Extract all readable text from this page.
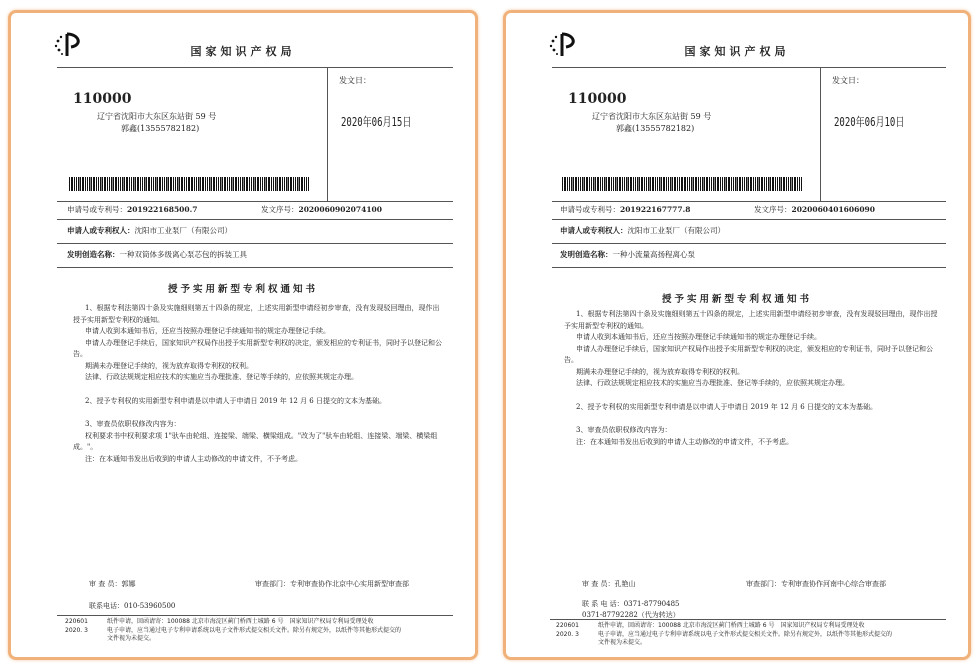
国家知识产权局
110000
辽宁省沈阳市大东区东站街 59 号
郭鑫(13555782182)
发文日：
2020年06月15日
申请号或专利号：201922168500.7	发文序号：2020060902074100
申请人或专利权人：沈阳市工业泵厂（有限公司）
发明创造名称：一种双筒体多级离心泵芯包的拆装工具
授予实用新型专利权通知书

1、根据专利法第四十条及实施细则第五十四条的规定，上述实用新型申请经初步审查，没有发现驳回理由，现作出授予实用新型专利权的通知。

申请人收到本通知书后，还应当按照办理登记手续通知书的规定办理登记手续。

申请人办理登记手续后，国家知识产权局作出授予实用新型专利权的决定，颁发相应的专利证书，同时予以登记和公告。

期满未办理登记手续的，视为放弃取得专利权的权利。

法律、行政法规规定相应技术的实施应当办理批准、登记等手续的，应依照其规定办理。

2、授予专利权的实用新型专利申请是以申请人于申请日 2019 年 12 月 6 日提交的文本为基础。

3、审查员依职权修改内容为：

权利要求书中权利要求项 1"驮车由轮组、连接梁、端梁、横梁组成。"改为了"驮车由轮组、连接梁、端梁、横梁组成。"。

注：在本通知书发出后收到的申请人主动修改的申请文件，不予考虑。

审 查 员：郭娜	审查部门：专利审查协作北京中心实用新型审查部
联系电话：010-53960500
220601
2020. 3
纸件申请，回函请寄：100088 北京市海淀区蓟门桥西土城路 6 号　国家知识产权局专利局受理处收
电子申请，应当通过电子专利申请系统以电子文件形式提交相关文件。除另有规定外，以纸件等其他形式提交的
文件视为未提交。
国家知识产权局
110000
辽宁省沈阳市大东区东站街 59 号
郭鑫(13555782182)
发文日：
2020年06月10日
申请号或专利号：201922167777.8	发文序号：2020060401606090
申请人或专利权人：沈阳市工业泵厂（有限公司）
发明创造名称：一种小流量高扬程离心泵
授予实用新型专利权通知书

1、根据专利法第四十条及实施细则第五十四条的规定，上述实用新型申请经初步审查，没有发现驳回理由，现作出授予实用新型专利权的通知。

申请人收到本通知书后，还应当按照办理登记手续通知书的规定办理登记手续。

申请人办理登记手续后，国家知识产权局作出授予实用新型专利权的决定，颁发相应的专利证书，同时予以登记和公告。

期满未办理登记手续的，视为放弃取得专利权的权利。

法律、行政法规规定相应技术的实施应当办理批准、登记等手续的，应依照其规定办理。

2、授予专利权的实用新型专利申请是以申请人于申请日 2019 年 12 月 6 日提交的文本为基础。

3、审查员依职权修改内容为：

注：在本通知书发出后收到的申请人主动修改的申请文件，不予考虑。

审 查 员：孔艳山	审查部门：专利审查协作河南中心综合审查部
联 系 电 话：0371-87790485
0371-87792282（代为转达）
220601
2020. 3
纸件申请，回函请寄：100088 北京市海淀区蓟门桥西土城路 6 号　国家知识产权局专利局受理处收
电子申请，应当通过电子专利申请系统以电子文件形式提交相关文件。除另有规定外，以纸件等其他形式提交的
文件视为未提交。
